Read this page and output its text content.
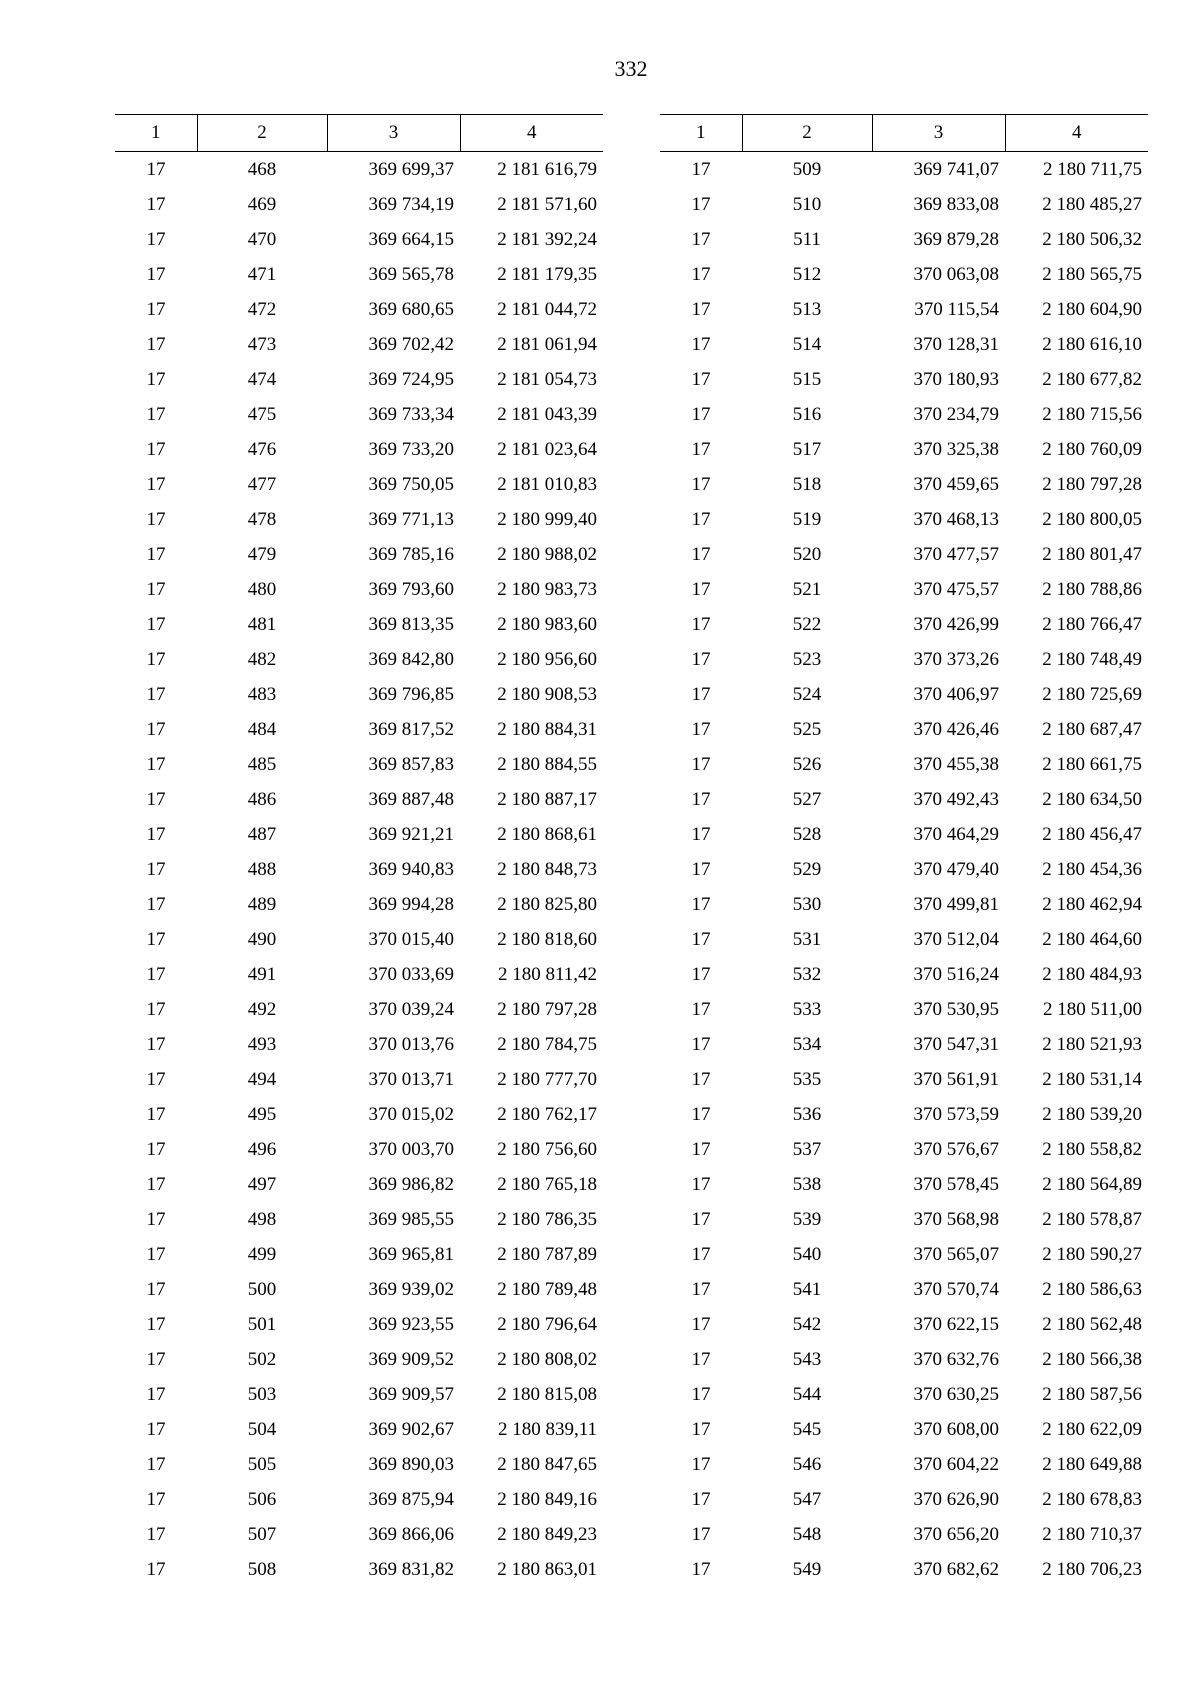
332
1	2	3	4
17	468	369 699,37	2 181 616,79
17	469	369 734,19	2 181 571,60
17	470	369 664,15	2 181 392,24
17	471	369 565,78	2 181 179,35
17	472	369 680,65	2 181 044,72
17	473	369 702,42	2 181 061,94
17	474	369 724,95	2 181 054,73
17	475	369 733,34	2 181 043,39
17	476	369 733,20	2 181 023,64
17	477	369 750,05	2 181 010,83
17	478	369 771,13	2 180 999,40
17	479	369 785,16	2 180 988,02
17	480	369 793,60	2 180 983,73
17	481	369 813,35	2 180 983,60
17	482	369 842,80	2 180 956,60
17	483	369 796,85	2 180 908,53
17	484	369 817,52	2 180 884,31
17	485	369 857,83	2 180 884,55
17	486	369 887,48	2 180 887,17
17	487	369 921,21	2 180 868,61
17	488	369 940,83	2 180 848,73
17	489	369 994,28	2 180 825,80
17	490	370 015,40	2 180 818,60
17	491	370 033,69	2 180 811,42
17	492	370 039,24	2 180 797,28
17	493	370 013,76	2 180 784,75
17	494	370 013,71	2 180 777,70
17	495	370 015,02	2 180 762,17
17	496	370 003,70	2 180 756,60
17	497	369 986,82	2 180 765,18
17	498	369 985,55	2 180 786,35
17	499	369 965,81	2 180 787,89
17	500	369 939,02	2 180 789,48
17	501	369 923,55	2 180 796,64
17	502	369 909,52	2 180 808,02
17	503	369 909,57	2 180 815,08
17	504	369 902,67	2 180 839,11
17	505	369 890,03	2 180 847,65
17	506	369 875,94	2 180 849,16
17	507	369 866,06	2 180 849,23
17	508	369 831,82	2 180 863,01
1	2	3	4
17	509	369 741,07	2 180 711,75
17	510	369 833,08	2 180 485,27
17	511	369 879,28	2 180 506,32
17	512	370 063,08	2 180 565,75
17	513	370 115,54	2 180 604,90
17	514	370 128,31	2 180 616,10
17	515	370 180,93	2 180 677,82
17	516	370 234,79	2 180 715,56
17	517	370 325,38	2 180 760,09
17	518	370 459,65	2 180 797,28
17	519	370 468,13	2 180 800,05
17	520	370 477,57	2 180 801,47
17	521	370 475,57	2 180 788,86
17	522	370 426,99	2 180 766,47
17	523	370 373,26	2 180 748,49
17	524	370 406,97	2 180 725,69
17	525	370 426,46	2 180 687,47
17	526	370 455,38	2 180 661,75
17	527	370 492,43	2 180 634,50
17	528	370 464,29	2 180 456,47
17	529	370 479,40	2 180 454,36
17	530	370 499,81	2 180 462,94
17	531	370 512,04	2 180 464,60
17	532	370 516,24	2 180 484,93
17	533	370 530,95	2 180 511,00
17	534	370 547,31	2 180 521,93
17	535	370 561,91	2 180 531,14
17	536	370 573,59	2 180 539,20
17	537	370 576,67	2 180 558,82
17	538	370 578,45	2 180 564,89
17	539	370 568,98	2 180 578,87
17	540	370 565,07	2 180 590,27
17	541	370 570,74	2 180 586,63
17	542	370 622,15	2 180 562,48
17	543	370 632,76	2 180 566,38
17	544	370 630,25	2 180 587,56
17	545	370 608,00	2 180 622,09
17	546	370 604,22	2 180 649,88
17	547	370 626,90	2 180 678,83
17	548	370 656,20	2 180 710,37
17	549	370 682,62	2 180 706,23
